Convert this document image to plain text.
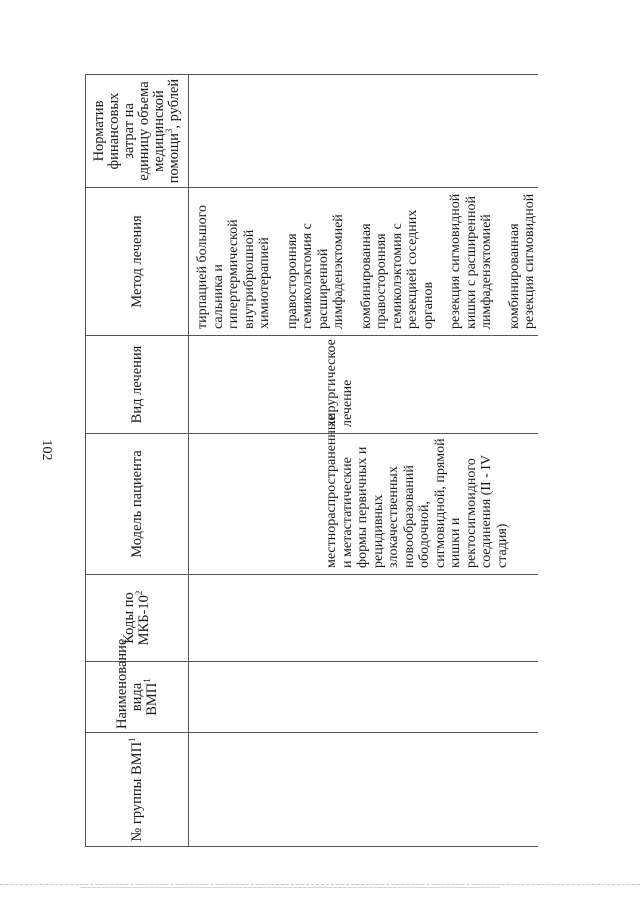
102
№ группы ВМП$^1$	Наименование вида ВМП$^1$	Коды по МКБ-$10^2$	Модель пациента	Вид лечения	Метод лечения	Норматив финансовых затрат на единицу объема медицинской помощи$^3$, рублей

			местнораспространенные и метастатические формы первичных и рецидивных злокачественных новообразований ободочной, сигмовидной, прямой кишки и ректосигмоидного соединения (II - IV стадия)	хирургическое лечение	тирпацией большого сальника и гипертермической внутрибрюшной химиотерапией правосторонняя гемиколэктомия с расширенной лимфаденэктомией комбинированная правосторонняя гемиколэктомия с резекцией соседних органов резекция сигмовидной кишки с расширенной лимфаденэктомией комбинированная резекция сигмовидной	
